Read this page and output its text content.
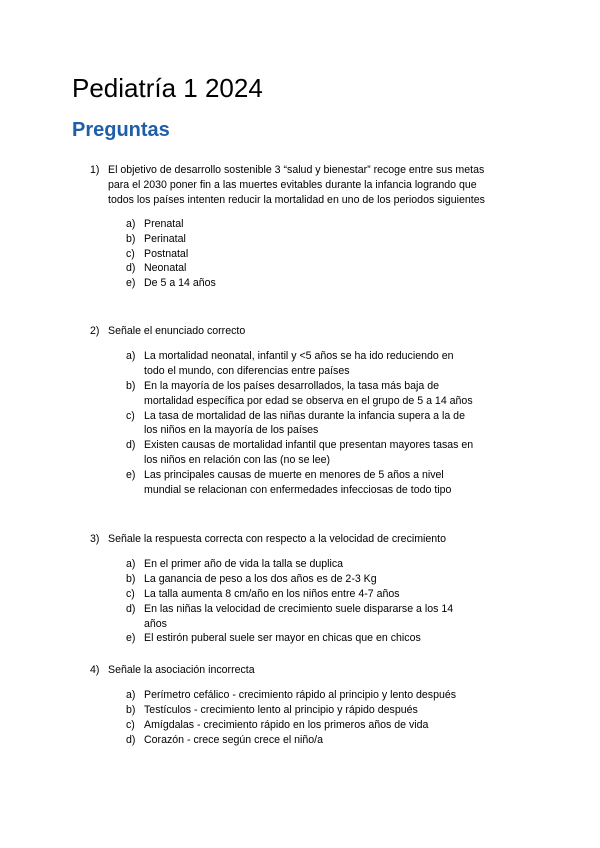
Pediatría 1 2024
Preguntas
1) El objetivo de desarrollo sostenible 3 “salud y bienestar” recoge entre sus metas para el 2030 poner fin a las muertes evitables durante la infancia logrando que todos los países intenten reducir la mortalidad en uno de los periodos siguientes
a) Prenatal
b) Perinatal
c) Postnatal
d) Neonatal
e) De 5 a 14 años
2) Señale el enunciado correcto
a) La mortalidad neonatal, infantil y <5 años se ha ido reduciendo en todo el mundo, con diferencias entre países
b) En la mayoría de los países desarrollados, la tasa más baja de mortalidad específica por edad se observa en el grupo de 5 a 14 años
c) La tasa de mortalidad de las niñas durante la infancia supera a la de los niños en la mayoría de los países
d) Existen causas de mortalidad infantil que presentan mayores tasas en los niños en relación con las (no se lee)
e) Las principales causas de muerte en menores de 5 años a nivel mundial se relacionan con enfermedades infecciosas de todo tipo
3) Señale la respuesta correcta con respecto a la velocidad de crecimiento
a) En el primer año de vida la talla se duplica
b) La ganancia de peso a los dos años es de 2-3 Kg
c) La talla aumenta 8 cm/año en los niños entre 4-7 años
d) En las niñas la velocidad de crecimiento suele dispararse a los 14 años
e) El estirón puberal suele ser mayor en chicas que en chicos
4) Señale la asociación incorrecta
a) Perímetro cefálico - crecimiento rápido al principio y lento después
b) Testículos - crecimiento lento al principio y rápido después
c) Amígdalas - crecimiento rápido en los primeros años de vida
d) Corazón - crece según crece el niño/a
